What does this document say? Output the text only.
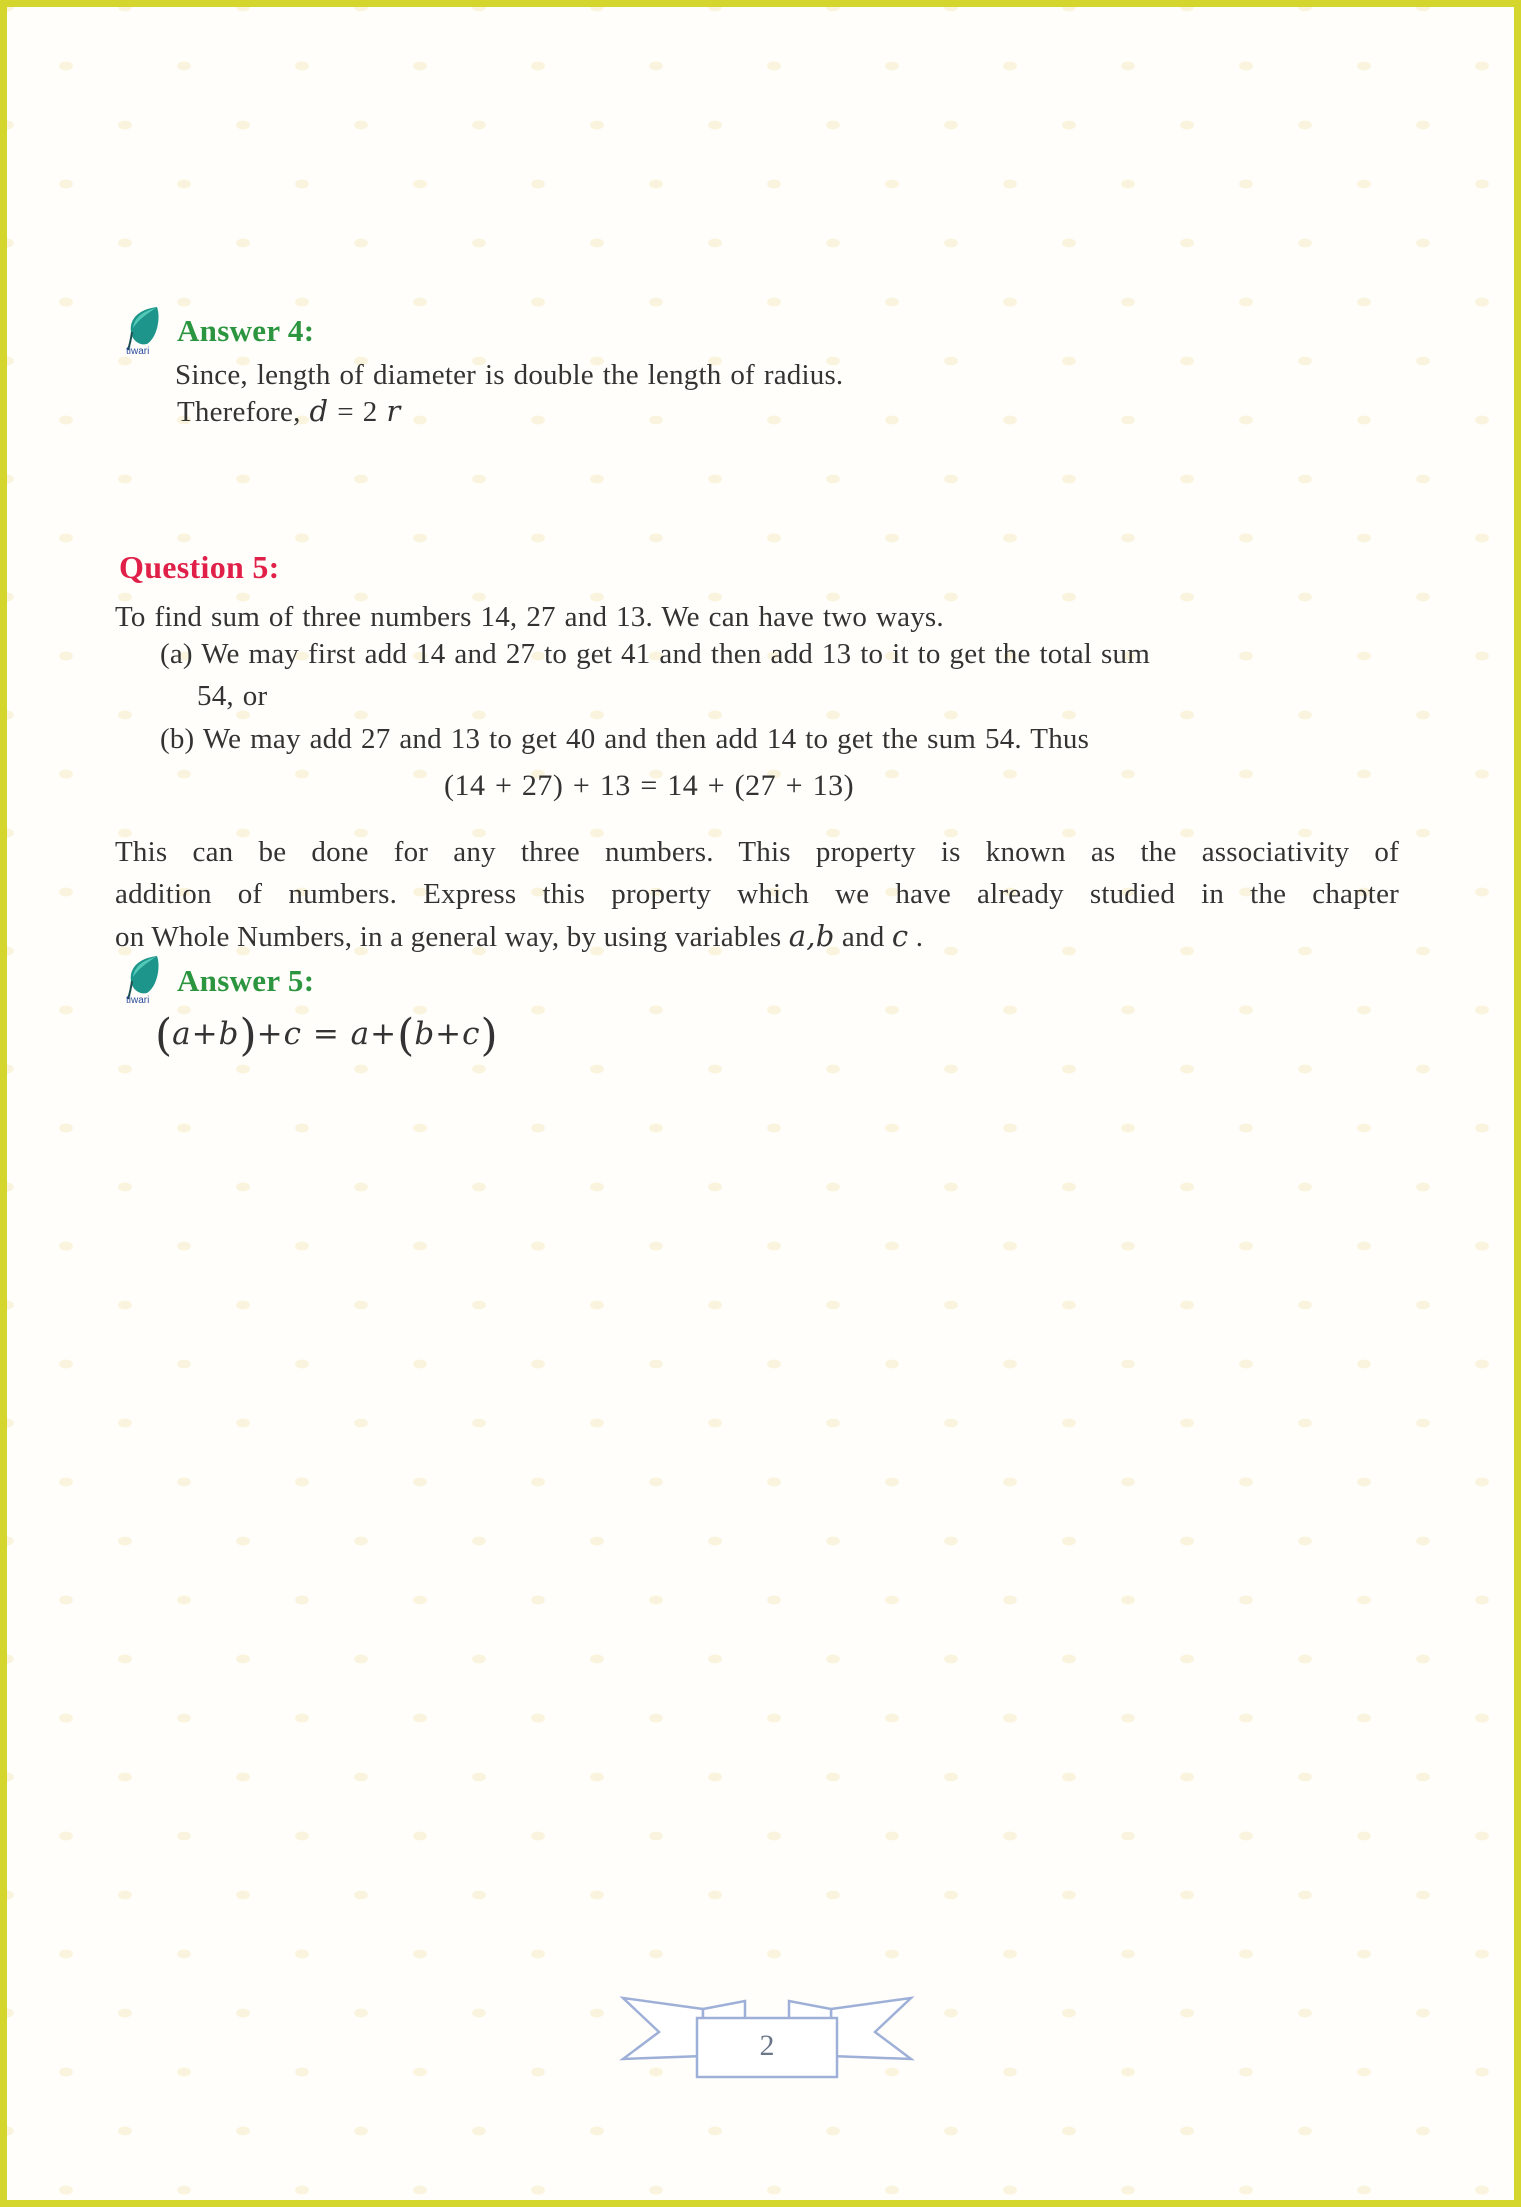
tiwari
Answer 4:
Since, length of diameter is double the length of radius.
Therefore, d = 2 r
Question 5:
To find sum of three numbers 14, 27 and 13. We can have two ways.
(a) We may first add 14 and 27 to get 41 and then add 13 to it to get the total sum
54, or
(b) We may add 27 and 13 to get 40 and then add 14 to get the sum 54. Thus
(14 + 27) + 13 = 14 + (27 + 13)
This can be done for any three numbers. This property is known as the associativity of
addition of numbers. Express this property which we have already studied in the chapter
on Whole Numbers, in a general way, by using variables a,b and c .
tiwari
Answer 5:
(a+b)+c = a+(b+c)
2
